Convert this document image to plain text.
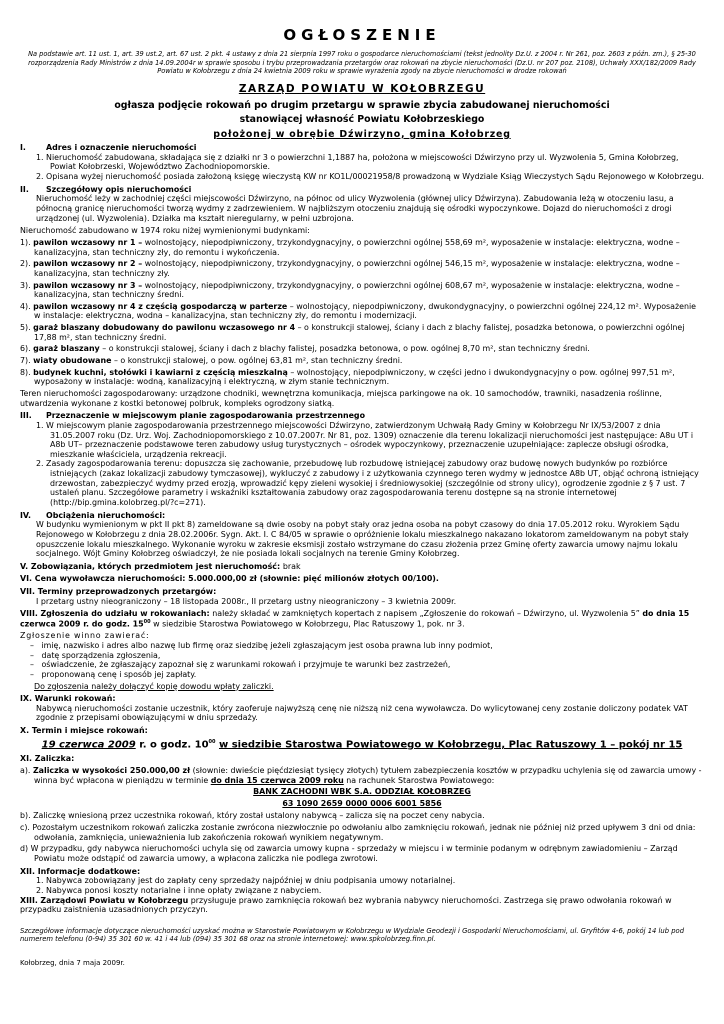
OGŁOSZENIE

Na podstawie art. 11 ust. 1, art. 39 ust.2, art. 67 ust. 2 pkt. 4 ustawy z dnia 21 sierpnia 1997 roku o gospodarce nieruchomościami (tekst jednolity Dz.U. z 2004 r. Nr 261, poz. 2603 z późn. zm.), § 25-30 rozporządzenia Rady Ministrów z dnia 14.09.2004r w sprawie sposobu i trybu przeprowadzania przetargów oraz rokowań na zbycie nieruchomości (Dz.U. nr 207 poz. 2108), Uchwały XXX/182/2009 Rady Powiatu w Kołobrzegu z dnia 24 kwietnia 2009 roku w sprawie wyrażenia zgody na zbycie nieruchomości w drodze rokowań

ZARZĄD POWIATU W KOŁOBRZEGU
ogłasza podjęcie rokowań po drugim przetargu w sprawie zbycia zabudowanej nieruchomości
stanowiącej własność Powiatu Kołobrzeskiego
położonej w obrębie Dźwirzyno, gmina Kołobrzeg
I.	Adres i oznaczenie nieruchomości

1. Nieruchomość zabudowana, składająca się z działki nr 3 o powierzchni 1,1887 ha, położona w miejscowości Dźwirzyno przy ul. Wyzwolenia 5, Gmina Kołobrzeg, Powiat Kołobrzeski, Województwo Zachodniopomorskie.

2. Opisana wyżej nieruchomość posiada założoną księgę wieczystą KW nr KO1L/00021958/8 prowadzoną w Wydziale Ksiąg Wieczystych Sądu Rejonowego w Kołobrzegu.

II. Szczegółowy opis nieruchomości

Nieruchomość leży w zachodniej części miejscowości Dźwirzyno, na północ od ulicy Wyzwolenia (głównej ulicy Dźwirzyna). Zabudowania leżą w otoczeniu lasu, a północną granicę nieruchomości tworzą wydmy z zadrzewieniem. W najbliższym otoczeniu znajdują się ośrodki wypoczynkowe. Dojazd do nieruchomości z drogi urządzonej (ul. Wyzwolenia). Działka ma kształt nieregularny, w pełni uzbrojona.

Nieruchomość zabudowano w 1974 roku niżej wymienionymi budynkami:

1). pawilon wczasowy nr 1 – wolnostojący, niepodpiwniczony, trzykondygnacyjny, o powierzchni ogólnej 558,69 m², wyposażenie w instalacje: elektryczna, wodne – kanalizacyjna, stan techniczny zły, do remontu i wykończenia.

2). pawilon wczasowy nr 2 – wolnostojący, niepodpiwniczony, trzykondygnacyjny, o powierzchni ogólnej 546,15 m², wyposażenie w instalacje: elektryczna, wodne – kanalizacyjna, stan techniczny zły.

3). pawilon wczasowy nr 3 – wolnostojący, niepodpiwniczony, trzykondygnacyjny, o powierzchni ogólnej 608,67 m², wyposażenie w instalacje: elektryczna, wodne – kanalizacyjna, stan techniczny średni.

4). pawilon wczasowy nr 4 z częścią gospodarczą w parterze – wolnostojący, niepodpiwniczony, dwukondygnacyjny, o powierzchni ogólnej 224,12 m². Wyposażenie w instalacje: elektryczna, wodna – kanalizacyjna, stan techniczny zły, do remontu i modernizacji.

5). garaż blaszany dobudowany do pawilonu wczasowego nr 4 – o konstrukcji stalowej, ściany i dach z blachy falistej, posadzka betonowa, o powierzchni ogólnej 17,88 m², stan techniczny średni.

6). garaż blaszany – o konstrukcji stalowej, ściany i dach z blachy falistej, posadzka betonowa, o pow. ogólnej 8,70 m², stan techniczny średni.

7). wiaty obudowane – o konstrukcji stalowej, o pow. ogólnej 63,81 m², stan techniczny średni.

8). budynek kuchni, stołówki i kawiarni z częścią mieszkalną – wolnostojący, niepodpiwniczony, w części jedno i dwukondygnacyjny o pow. ogólnej 997,51 m², wyposażony w instalacje: wodną, kanalizacyjną i elektryczną, w złym stanie technicznym.

Teren nieruchomości zagospodarowany: urządzone chodniki, wewnętrzna komunikacja, miejsca parkingowe na ok. 10 samochodów, trawniki, nasadzenia roślinne, utwardzenia wykonane z kostki betonowej polbruk, kompleks ogrodzony siatką.

III. Przeznaczenie w miejscowym planie zagospodarowania przestrzennego

1. W miejscowym planie zagospodarowania przestrzennego miejscowości Dźwirzyno, zatwierdzonym Uchwałą Rady Gminy w Kołobrzegu Nr IX/53/2007 z dnia 31.05.2007 roku (Dz. Urz. Woj. Zachodniopomorskiego z 10.07.2007r. Nr 81, poz. 1309) oznaczenie dla terenu lokalizacji nieruchomości jest następujące: A8u UT i A8b UT– przeznaczenie podstawowe teren zabudowy usług turystycznych – ośrodek wypoczynkowy, przeznaczenie uzupełniające: zaplecze obsługi ośrodka, mieszkanie właściciela, urządzenia rekreacji.

2. Zasady zagospodarowania terenu: dopuszcza się zachowanie, przebudowę lub rozbudowę istniejącej zabudowy oraz budowę nowych budynków po rozbiórce istniejących (zakaz lokalizacji zabudowy tymczasowej), wykluczyć z zabudowy i z użytkowania czynnego teren wydmy w jednostce A8b UT, objąć ochroną istniejący drzewostan, zabezpieczyć wydmy przed erozją, wprowadzić kępy zieleni wysokiej i średniowysokiej (szczególnie od strony ulicy), ogrodzenie zgodnie z § 7 ust. 7 ustaleń planu. Szczegółowe parametry i wskaźniki kształtowania zabudowy oraz zagospodarowania terenu dostępne są na stronie internetowej (http://bip.gmina.kolobrzeg.pl/?c=271).

IV. Obciążenia nieruchomości:

W budynku wymienionym w pkt II pkt 8) zameldowane są dwie osoby na pobyt stały oraz jedna osoba na pobyt czasowy do dnia 17.05.2012 roku. Wyrokiem Sądu Rejonowego w Kołobrzegu z dnia 28.02.2006r. Sygn. Akt. I. C 84/05 w sprawie o opróżnienie lokalu mieszkalnego nakazano lokatorom zameldowanym na pobyt stały opuszczenie lokalu mieszkalnego. Wykonanie wyroku w zakresie eksmisji zostało wstrzymane do czasu złożenia przez Gminę oferty zawarcia umowy najmu lokalu socjalnego. Wójt Gminy Kołobrzeg oświadczył, że nie posiada lokali socjalnych na terenie Gminy Kołobrzeg.

V. Zobowiązania, których przedmiotem jest nieruchomość: brak
VI. Cena wywoławcza nieruchomości: 5.000.000,00 zł (słownie: pięć milionów złotych 00/100).
VII. Terminy przeprowadzonych przetargów:

I przetarg ustny nieograniczony – 18 listopada 2008r., II przetarg ustny nieograniczony – 3 kwietnia 2009r.

VIII. Zgłoszenia do udziału w rokowaniach: należy składać w zamkniętych kopertach z napisem „Zgłoszenie do rokowań – Dźwirzyno, ul. Wyzwolenia 5” do dnia 15 czerwca 2009 r. do godz. $15^{00}$ w siedzibie Starostwa Powiatowego w Kołobrzegu, Plac Ratuszowy 1, pok. nr 3.

Zgłoszenie winno zawierać:

–   imię, nazwisko i adres albo nazwę lub firmę oraz siedzibę jeżeli zgłaszającym jest osoba prawna lub inny podmiot,

–   datę sporządzenia zgłoszenia,

–   oświadczenie, że zgłaszający zapoznał się z warunkami rokowań i przyjmuje te warunki bez zastrzeżeń,

–   proponowaną cenę i sposób jej zapłaty.

Do zgłoszenia należy dołączyć kopię dowodu wpłaty zaliczki.

IX. Warunki rokowań:

Nabywcą nieruchomości zostanie uczestnik, który zaoferuje najwyższą cenę nie niższą niż cena wywoławcza. Do wylicytowanej ceny zostanie doliczony podatek VAT zgodnie z przepisami obowiązującymi w dniu sprzedaży.

X. Termin i miejsce rokowań:

19 czerwca 2009 r. o godz. $10^{00}$ w siedzibie Starostwa Powiatowego w Kołobrzegu, Plac Ratuszowy 1 – pokój nr 15

XI. Zaliczka:

a). Zaliczka w wysokości 250.000,00 zł (słownie: dwieście pięćdziesiąt tysięcy złotych) tytułem zabezpieczenia kosztów w przypadku uchylenia się od zawarcia umowy - winna być wpłacona w pieniądzu w terminie do dnia 15 czerwca 2009 roku na rachunek Starostwa Powiatowego:

BANK ZACHODNI WBK S.A. ODDZIAŁ KOŁOBRZEG

63 1090 2659 0000 0006 6001 5856

b). Zaliczkę wniesioną przez uczestnika rokowań, który został ustalony nabywcą – zalicza się na poczet ceny nabycia.

c). Pozostałym uczestnikom rokowań zaliczka zostanie zwrócona niezwłocznie po odwołaniu albo zamknięciu rokowań, jednak nie później niż przed upływem 3 dni od dnia: odwołania, zamknięcia, unieważnienia lub zakończenia rokowań wynikiem negatywnym.

d) W przypadku, gdy nabywca nieruchomości uchyla się od zawarcia umowy kupna - sprzedaży w miejscu i w terminie podanym w odrębnym zawiadomieniu – Zarząd Powiatu może odstąpić od zawarcia umowy, a wpłacona zaliczka nie podlega zwrotowi.

XII. Informacje dodatkowe:

1. Nabywca zobowiązany jest do zapłaty ceny sprzedaży najpóźniej w dniu podpisania umowy notarialnej.

2. Nabywca ponosi koszty notarialne i inne opłaty związane z nabyciem.

XIII. Zarządowi Powiatu w Kołobrzegu przysługuje prawo zamknięcia rokowań bez wybrania nabywcy nieruchomości. Zastrzega się prawo odwołania rokowań w przypadku zaistnienia uzasadnionych przyczyn.

Szczegółowe informacje dotyczące nieruchomości uzyskać można w Starostwie Powiatowym w Kołobrzegu w Wydziale Geodezji i Gospodarki Nieruchomościami, ul. Gryfitów 4-6, pokój 14 lub pod numerem telefonu (0-94) 35 301 60 w. 41 i 44 lub (094) 35 301 68 oraz na stronie internetowej: www.spkolobrzeg.finn.pl.

Kołobrzeg, dnia 7 maja 2009r.
